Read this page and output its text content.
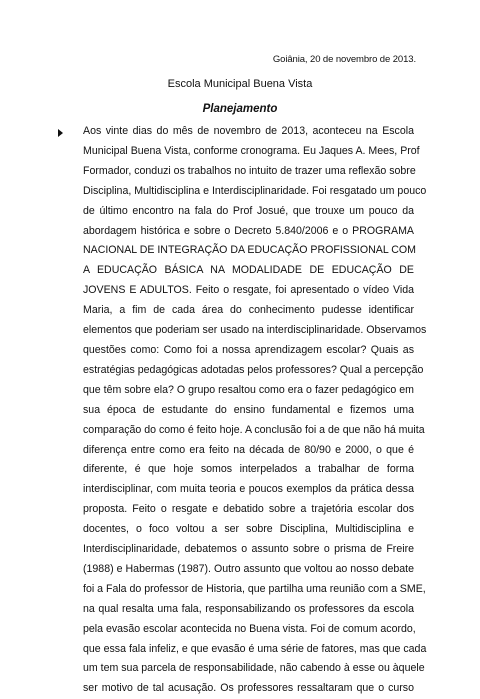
Goiânia, 20 de novembro de 2013.
Escola Municipal Buena Vista
Planejamento
Aos vinte dias do mês de novembro de 2013, aconteceu na Escola
Municipal Buena Vista, conforme cronograma. Eu Jaques A. Mees, Prof
Formador, conduzi os trabalhos no intuito de trazer uma reflexão sobre
Disciplina, Multidisciplina e Interdisciplinaridade. Foi resgatado um pouco
de último encontro na fala do Prof Josué, que trouxe um pouco da
abordagem histórica e sobre o Decreto 5.840/2006 e o PROGRAMA
NACIONAL DE INTEGRAÇÃO DA EDUCAÇÃO PROFISSIONAL COM
A EDUCAÇÃO BÁSICA NA MODALIDADE DE EDUCAÇÃO DE
JOVENS E ADULTOS. Feito o resgate, foi apresentado o vídeo Vida
Maria, a fim de cada área do conhecimento pudesse identificar
elementos que poderiam ser usado na interdisciplinaridade. Observamos
questões como: Como foi a nossa aprendizagem escolar? Quais as
estratégias pedagógicas adotadas pelos professores? Qual a percepção
que têm sobre ela? O grupo resaltou como era o fazer pedagógico em
sua época de estudante do ensino fundamental e fizemos uma
comparação do como é feito hoje. A conclusão foi a de que não há muita
diferença entre como era feito na década de 80/90 e 2000, o que é
diferente, é que hoje somos interpelados a trabalhar de forma
interdisciplinar, com muita teoria e poucos exemplos da prática dessa
proposta. Feito o resgate e debatido sobre a trajetória escolar dos
docentes, o foco voltou a ser sobre Disciplina, Multidisciplina e
Interdisciplinaridade, debatemos o assunto sobre o prisma de Freire
(1988) e Habermas (1987). Outro assunto que voltou ao nosso debate
foi a Fala do professor de Historia, que partilha uma reunião com a SME,
na qual resalta uma fala, responsabilizando os professores da escola
pela evasão escolar acontecida no Buena vista. Foi de comum acordo,
que essa fala infeliz, e que evasão é uma série de fatores, mas que cada
um tem sua parcela de responsabilidade, não cabendo à esse ou àquele
ser motivo de tal acusação. Os professores ressaltaram que o curso
